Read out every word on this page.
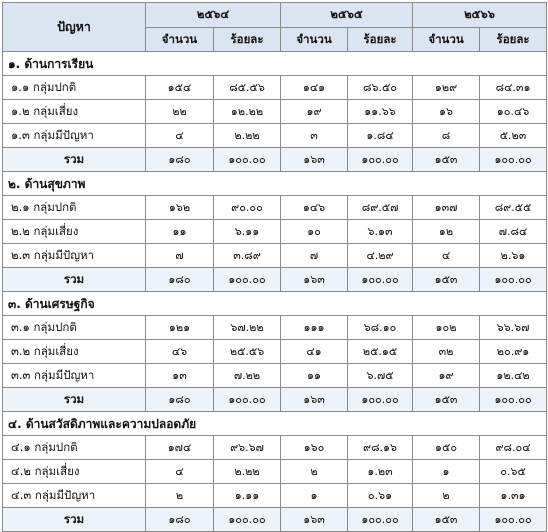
ปัญหา	๒๕๖๔		๒๕๖๕		๒๕๖๖	
	จำนวน	ร้อยละ	จำนวน	ร้อยละ	จำนวน	ร้อยละ
๑. ด้านการเรียน						
๑.๑ กลุ่มปกติ	๑๕๔	๘๕.๕๖	๑๔๑	๘๖.๕๐	๑๒๙	๘๔.๓๑
๑.๒ กลุ่มเสี่ยง	๒๒	๑๒.๒๒	๑๙	๑๑.๖๖	๑๖	๑๐.๔๖
๑.๓ กลุ่มมีปัญหา	๔	๒.๒๒	๓	๑.๘๔	๘	๕.๒๓
รวม	๑๘๐	๑๐๐.๐๐	๑๖๓	๑๐๐.๐๐	๑๕๓	๑๐๐.๐๐
๒. ด้านสุขภาพ						
๒.๑ กลุ่มปกติ	๑๖๒	๙๐.๐๐	๑๔๖	๘๙.๕๗	๑๓๗	๘๙.๕๕
๒.๒ กลุ่มเสี่ยง	๑๑	๖.๑๑	๑๐	๖.๑๓	๑๒	๗.๘๔
๒.๓ กลุ่มมีปัญหา	๗	๓.๘๙	๗	๔.๒๙	๔	๒.๖๑
รวม	๑๘๐	๑๐๐.๐๐	๑๖๓	๑๐๐.๐๐	๑๕๓	๑๐๐.๐๐
๓. ด้านเศรษฐกิจ						
๓.๑ กลุ่มปกติ	๑๒๑	๖๗.๒๒	๑๑๑	๖๘.๑๐	๑๐๒	๖๖.๖๗
๓.๒ กลุ่มเสี่ยง	๔๖	๒๕.๕๖	๔๑	๒๕.๑๕	๓๒	๒๐.๙๑
๓.๓ กลุ่มมีปัญหา	๑๓	๗.๒๒	๑๑	๖.๗๕	๑๙	๑๒.๔๒
รวม	๑๘๐	๑๐๐.๐๐	๑๖๓	๑๐๐.๐๐	๑๕๓	๑๐๐.๐๐
๔. ด้านสวัสดิภาพและความปลอดภัย						
๔.๑ กลุ่มปกติ	๑๗๔	๙๖.๖๗	๑๖๐	๙๘.๑๖	๑๕๐	๙๘.๐๔
๔.๒ กลุ่มเสี่ยง	๔	๒.๒๒	๒	๑.๒๓	๑	๐.๖๕
๔.๓ กลุ่มมีปัญหา	๒	๑.๑๑	๑	๐.๖๑	๒	๑.๓๑
รวม	๑๘๐	๑๐๐.๐๐	๑๖๓	๑๐๐.๐๐	๑๕๓	๑๐๐.๐๐
